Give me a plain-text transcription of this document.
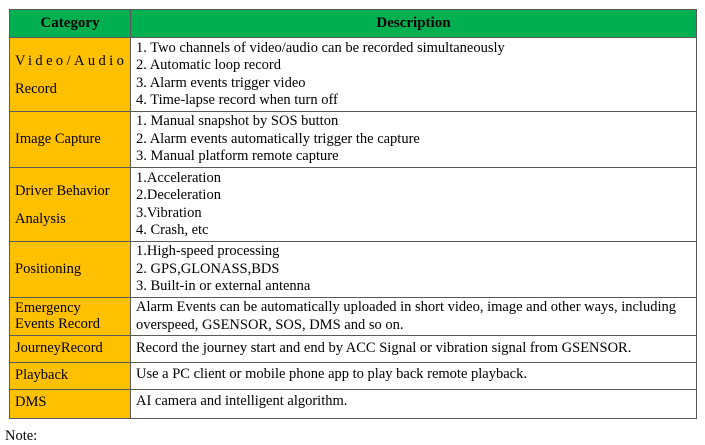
Category	Description

Video/Audio
Record	1. Two channels of video/audio can be recorded simultaneously
2. Automatic loop record
3. Alarm events trigger video
4. Time-lapse record when turn off

Image Capture	1. Manual snapshot by SOS button
2. Alarm events automatically trigger the capture
3. Manual platform remote capture

Driver Behavior
Analysis	1.Acceleration
2.Deceleration
3.Vibration
4. Crash, etc

Positioning	1.High-speed processing
2. GPS,GLONASS,BDS
3. Built-in or external antenna

Emergency
Events Record	Alarm Events can be automatically uploaded in short video, image and other ways, including overspeed, GSENSOR, SOS, DMS and so on.

JourneyRecord	Record the journey start and end by ACC Signal or vibration signal from GSENSOR.

Playback	Use a PC client or mobile phone app to play back remote playback.

DMS	AI camera and intelligent algorithm.
Note:
